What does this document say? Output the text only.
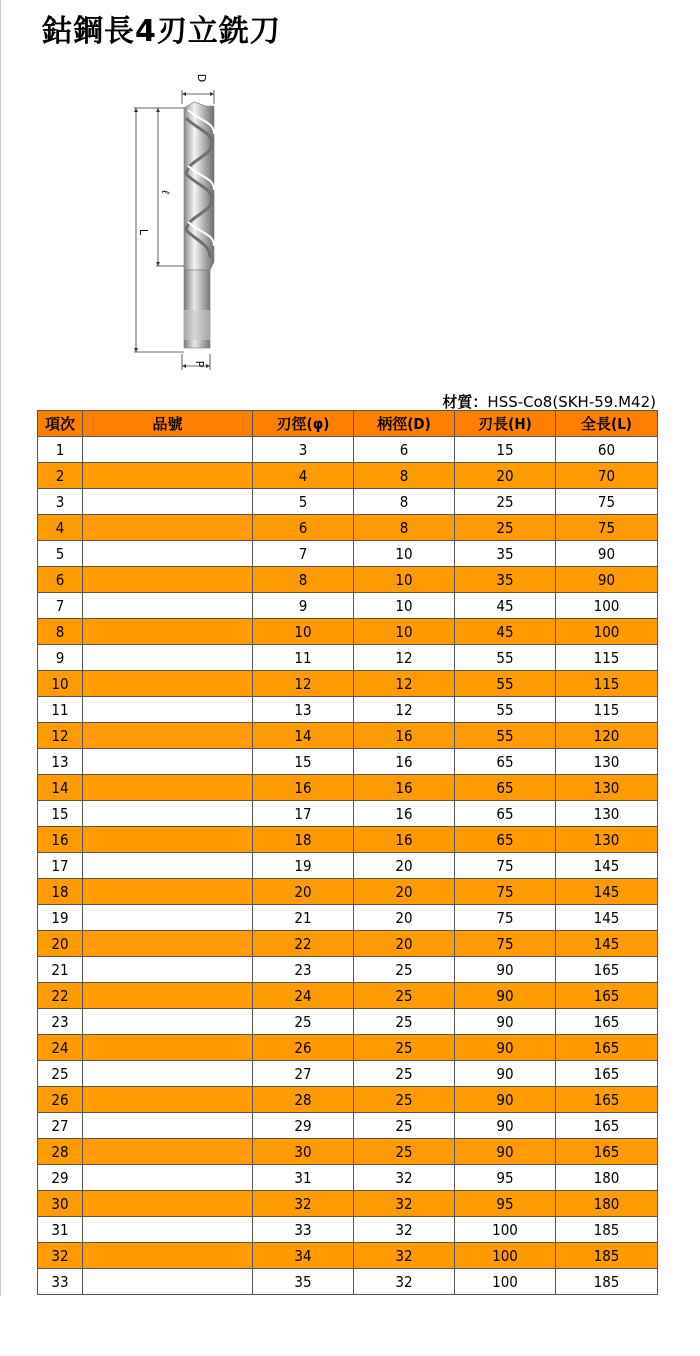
鈷鋼長4刃立銑刀
D
ℓ
L
P
材質：HSS-Co8(SKH-59.M42)
項次	品號	刃徑(φ)	柄徑(D)	刃長(H)	全長(L)
1		3	6	15	60
2		4	8	20	70
3		5	8	25	75
4		6	8	25	75
5		7	10	35	90
6		8	10	35	90
7		9	10	45	100
8		10	10	45	100
9		11	12	55	115
10		12	12	55	115
11		13	12	55	115
12		14	16	55	120
13		15	16	65	130
14		16	16	65	130
15		17	16	65	130
16		18	16	65	130
17		19	20	75	145
18		20	20	75	145
19		21	20	75	145
20		22	20	75	145
21		23	25	90	165
22		24	25	90	165
23		25	25	90	165
24		26	25	90	165
25		27	25	90	165
26		28	25	90	165
27		29	25	90	165
28		30	25	90	165
29		31	32	95	180
30		32	32	95	180
31		33	32	100	185
32		34	32	100	185
33		35	32	100	185
